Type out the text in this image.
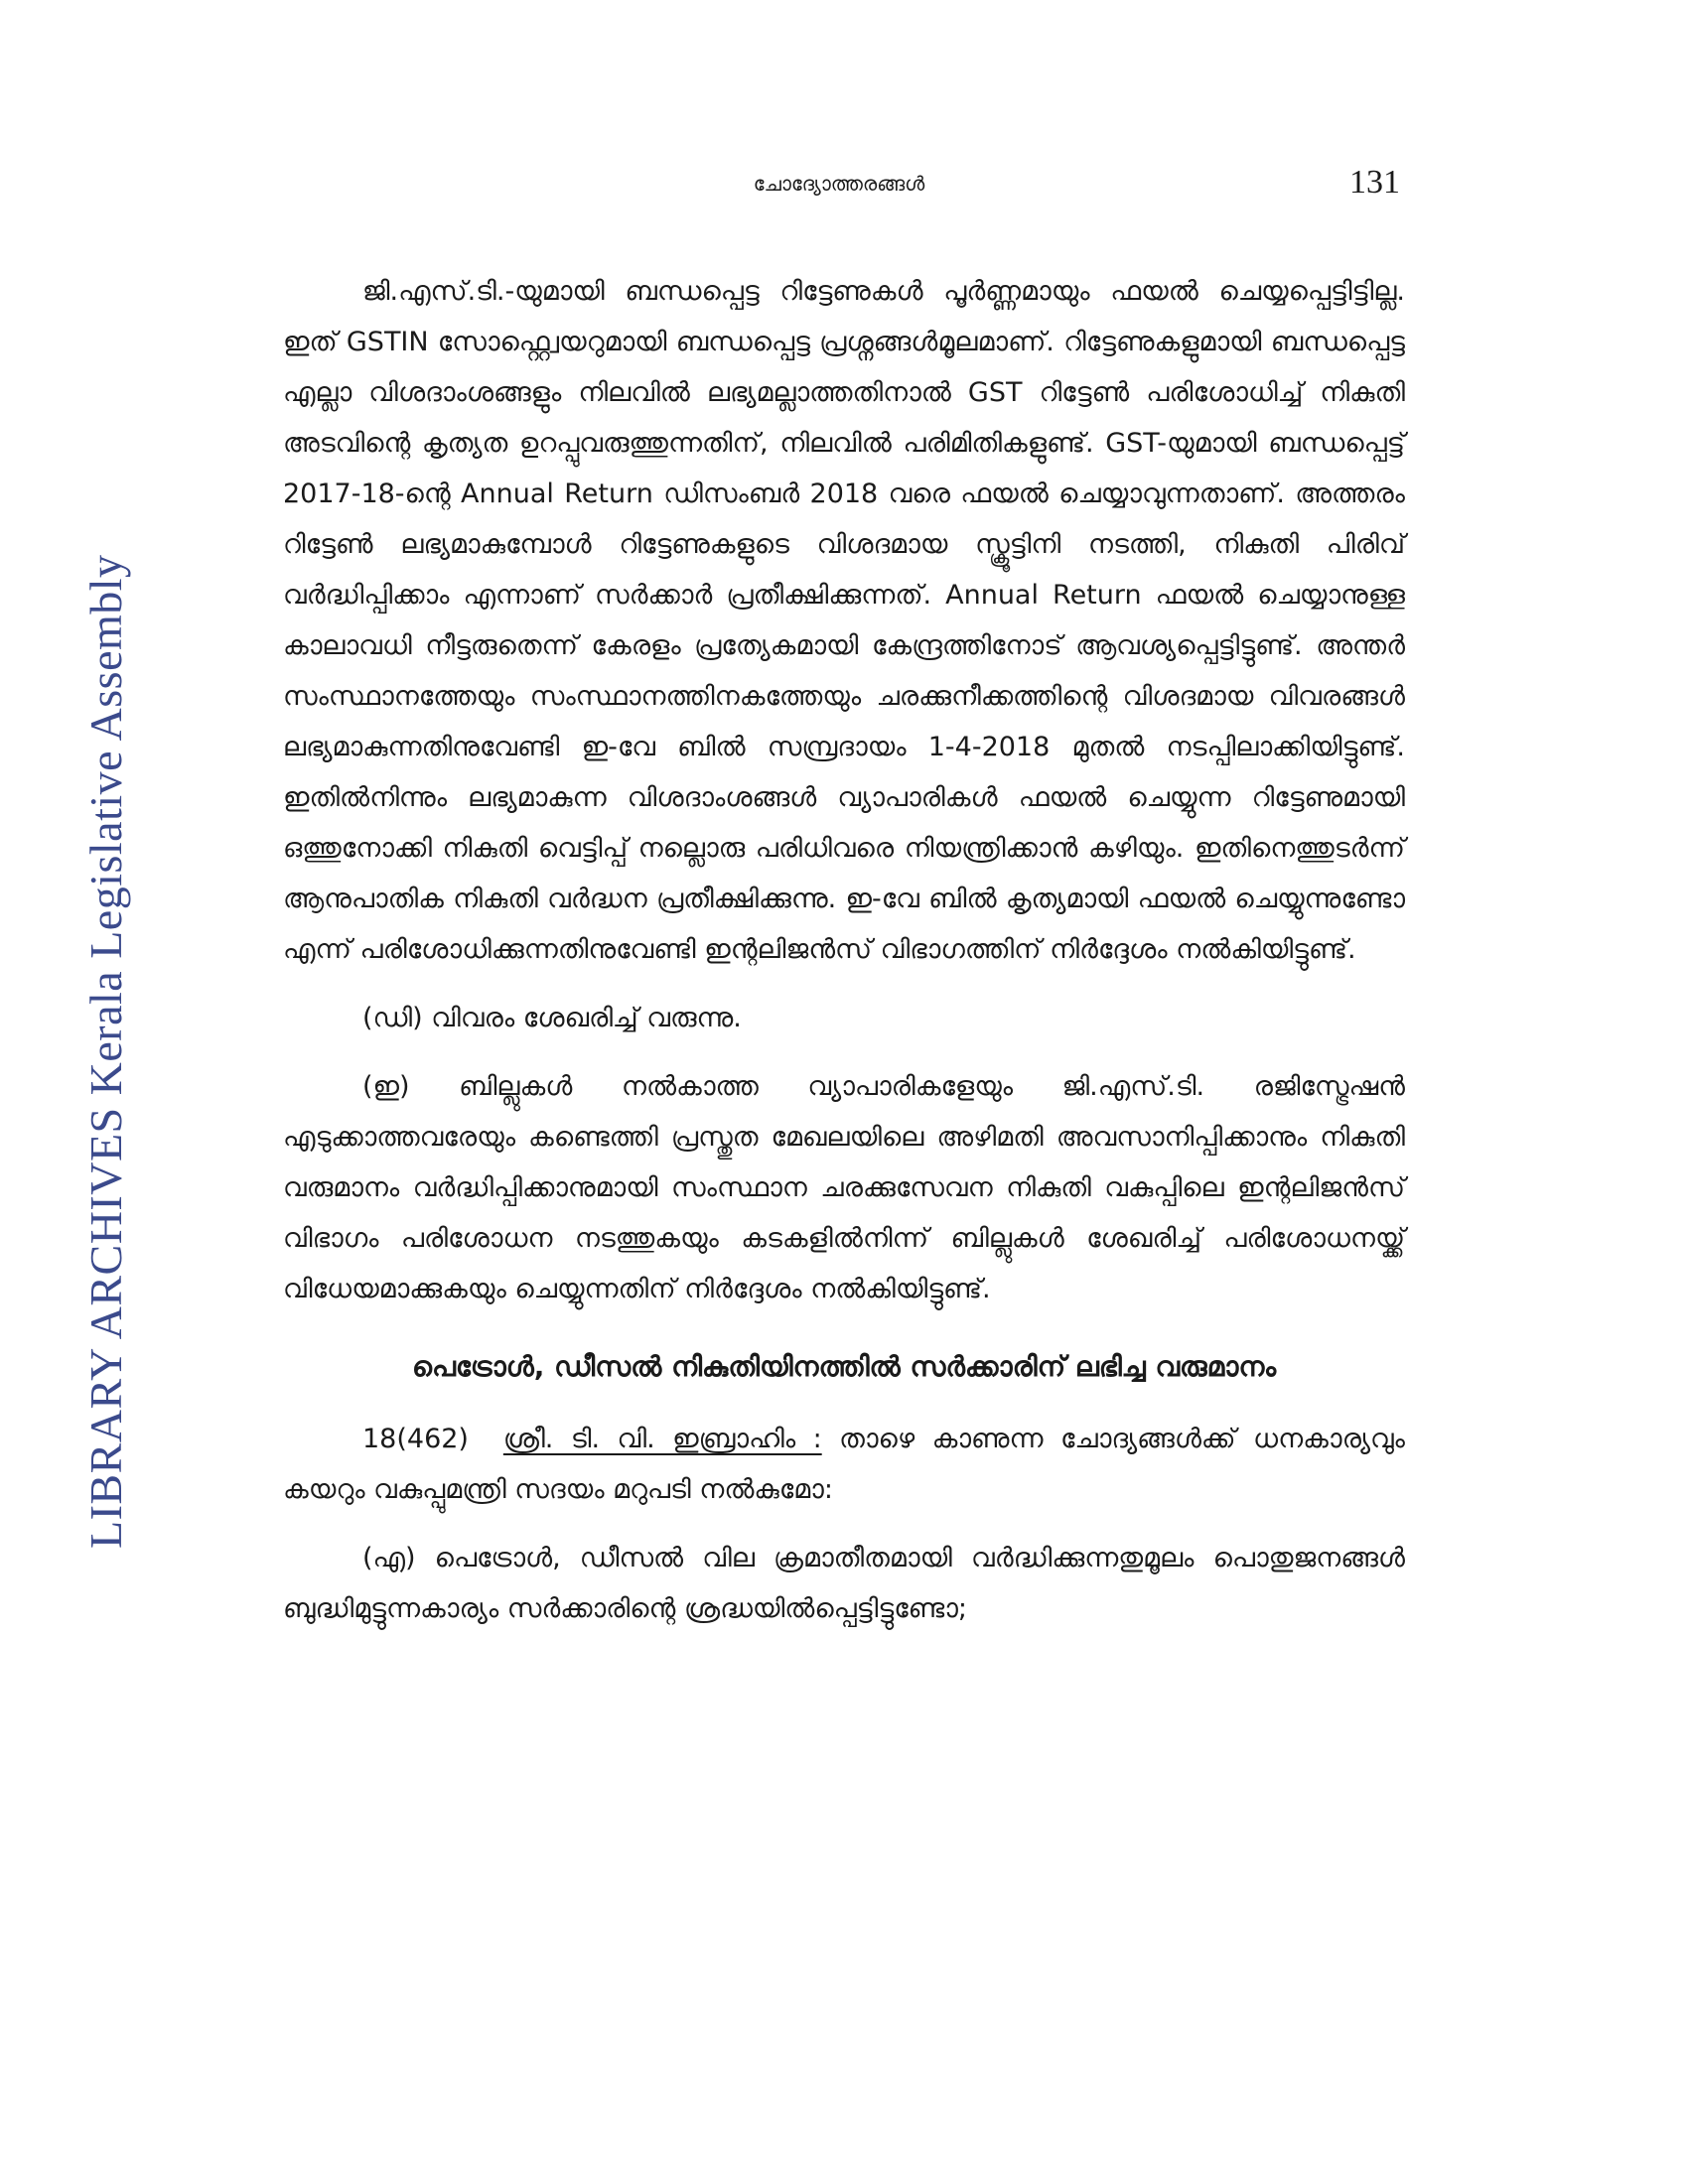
LIBRARY ARCHIVES Kerala Legislative Assembly
ചോദ്യോത്തരങ്ങൾ	131

ജി.എസ്.ടി.-യുമായി ബന്ധപ്പെട്ട റിട്ടേണുകൾ പൂർണ്ണമായും ഫയൽ ചെയ്യപ്പെട്ടിട്ടില്ല. ഇത് GSTIN സോഫ്റ്റ്വെയറുമായി ബന്ധപ്പെട്ട പ്രശ്നങ്ങൾമൂലമാണ്. റിട്ടേണുകളുമായി ബന്ധപ്പെട്ട എല്ലാ വിശദാംശങ്ങളും നിലവിൽ ലഭ്യമല്ലാത്തതിനാൽ GST റിട്ടേൺ പരിശോധിച്ച് നികുതി അടവിന്റെ കൃത്യത ഉറപ്പുവരുത്തുന്നതിന്, നിലവിൽ പരിമിതികളുണ്ട്. GST-യുമായി ബന്ധപ്പെട്ട് 2017-18-ന്റെ Annual Return ഡിസംബർ 2018 വരെ ഫയൽ ചെയ്യാവുന്നതാണ്. അത്തരം റിട്ടേൺ ലഭ്യമാകുമ്പോൾ റിട്ടേണുകളുടെ വിശദമായ സ്ക്രൂട്ടിനി നടത്തി, നികുതി പിരിവ് വർദ്ധിപ്പിക്കാം എന്നാണ് സർക്കാർ പ്രതീക്ഷിക്കുന്നത്. Annual Return ഫയൽ ചെയ്യാനുള്ള കാലാവധി നീട്ടരുതെന്ന് കേരളം പ്രത്യേകമായി കേന്ദ്രത്തിനോട് ആവശ്യപ്പെട്ടിട്ടുണ്ട്. അന്തർ സംസ്ഥാനത്തേയും സംസ്ഥാനത്തിനകത്തേയും ചരക്കുനീക്കത്തിന്റെ വിശദമായ വിവരങ്ങൾ ലഭ്യമാകുന്നതിനുവേണ്ടി ഇ-വേ ബിൽ സമ്പ്രദായം 1-4-2018 മുതൽ നടപ്പിലാക്കിയിട്ടുണ്ട്. ഇതിൽനിന്നും ലഭ്യമാകുന്ന വിശദാംശങ്ങൾ വ്യാപാരികൾ ഫയൽ ചെയ്യുന്ന റിട്ടേണുമായി ഒത്തുനോക്കി നികുതി വെട്ടിപ്പ് നല്ലൊരു പരിധിവരെ നിയന്ത്രിക്കാൻ കഴിയും. ഇതിനെത്തുടർന്ന് ആനുപാതിക നികുതി വർദ്ധന പ്രതീക്ഷിക്കുന്നു. ഇ-വേ ബിൽ കൃത്യമായി ഫയൽ ചെയ്യുന്നുണ്ടോ എന്ന് പരിശോധിക്കുന്നതിനുവേണ്ടി ഇന്റലിജൻസ് വിഭാഗത്തിന് നിർദ്ദേശം നൽകിയിട്ടുണ്ട്.

(ഡി) വിവരം ശേഖരിച്ച് വരുന്നു.

(ഇ) ബില്ലുകൾ നൽകാത്ത വ്യാപാരികളേയും ജി.എസ്.ടി. രജിസ്ട്രേഷൻ എടുക്കാത്തവരേയും കണ്ടെത്തി പ്രസ്തുത മേഖലയിലെ അഴിമതി അവസാനിപ്പിക്കാനും നികുതി വരുമാനം വർദ്ധിപ്പിക്കാനുമായി സംസ്ഥാന ചരക്കുസേവന നികുതി വകുപ്പിലെ ഇന്റലിജൻസ് വിഭാഗം പരിശോധന നടത്തുകയും കടകളിൽനിന്ന് ബില്ലുകൾ ശേഖരിച്ച് പരിശോധനയ്ക്ക് വിധേയമാക്കുകയും ചെയ്യുന്നതിന് നിർദ്ദേശം നൽകിയിട്ടുണ്ട്.

പെട്രോൾ, ഡീസൽ നികുതിയിനത്തിൽ സർക്കാരിന് ലഭിച്ച വരുമാനം

18(462) ശ്രീ. ടി. വി. ഇബ്രാഹിം : താഴെ കാണുന്ന ചോദ്യങ്ങൾക്ക് ധനകാര്യവും കയറും വകുപ്പുമന്ത്രി സദയം മറുപടി നൽകുമോ:

(എ) പെട്രോൾ, ഡീസൽ വില ക്രമാതീതമായി വർദ്ധിക്കുന്നതുമൂലം പൊതുജനങ്ങൾ ബുദ്ധിമുട്ടുന്നകാര്യം സർക്കാരിന്റെ ശ്രദ്ധയിൽപ്പെട്ടിട്ടുണ്ടോ;
